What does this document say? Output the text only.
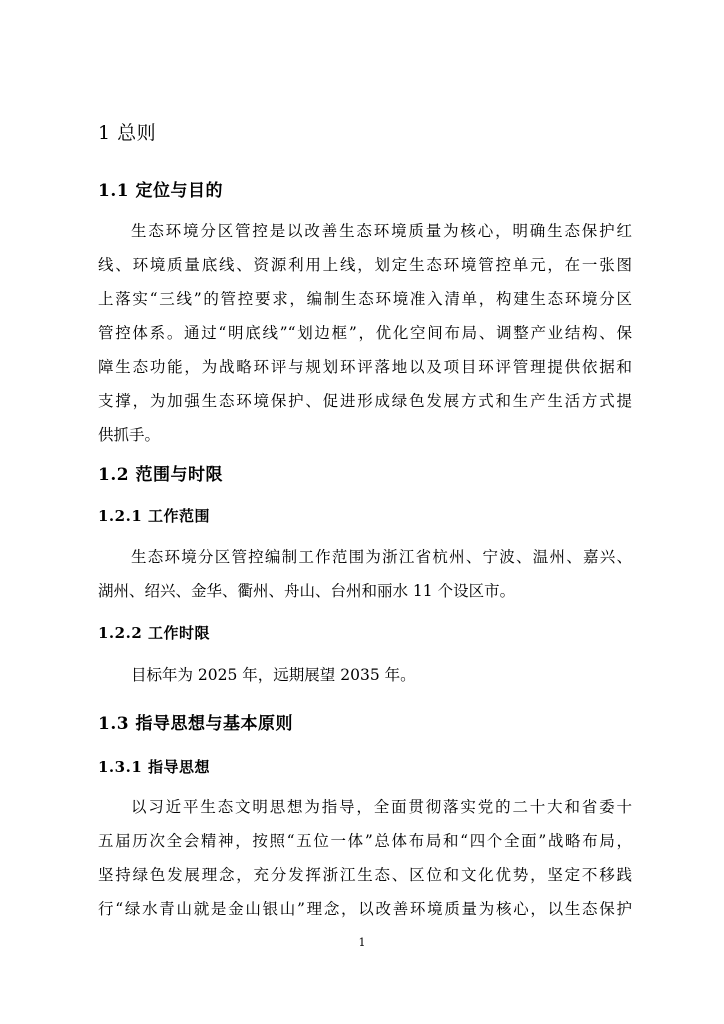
1 总则
1.1 定位与目的
生态环境分区管控是以改善生态环境质量为核心，明确生态保护红
线、环境质量底线、资源利用上线，划定生态环境管控单元，在一张图
上落实“三线”的管控要求，编制生态环境准入清单，构建生态环境分区
管控体系。通过“明底线”“划边框”，优化空间布局、调整产业结构、保
障生态功能，为战略环评与规划环评落地以及项目环评管理提供依据和
支撑，为加强生态环境保护、促进形成绿色发展方式和生产生活方式提
供抓手。
1.2 范围与时限
1.2.1 工作范围
生态环境分区管控编制工作范围为浙江省杭州、宁波、温州、嘉兴、
湖州、绍兴、金华、衢州、舟山、台州和丽水 11 个设区市。
1.2.2 工作时限
目标年为 2025 年，远期展望 2035 年。
1.3 指导思想与基本原则
1.3.1 指导思想
以习近平生态文明思想为指导，全面贯彻落实党的二十大和省委十
五届历次全会精神，按照“五位一体”总体布局和“四个全面”战略布局，
坚持绿色发展理念，充分发挥浙江生态、区位和文化优势，坚定不移践
行“绿水青山就是金山银山”理念，以改善环境质量为核心，以生态保护
1
